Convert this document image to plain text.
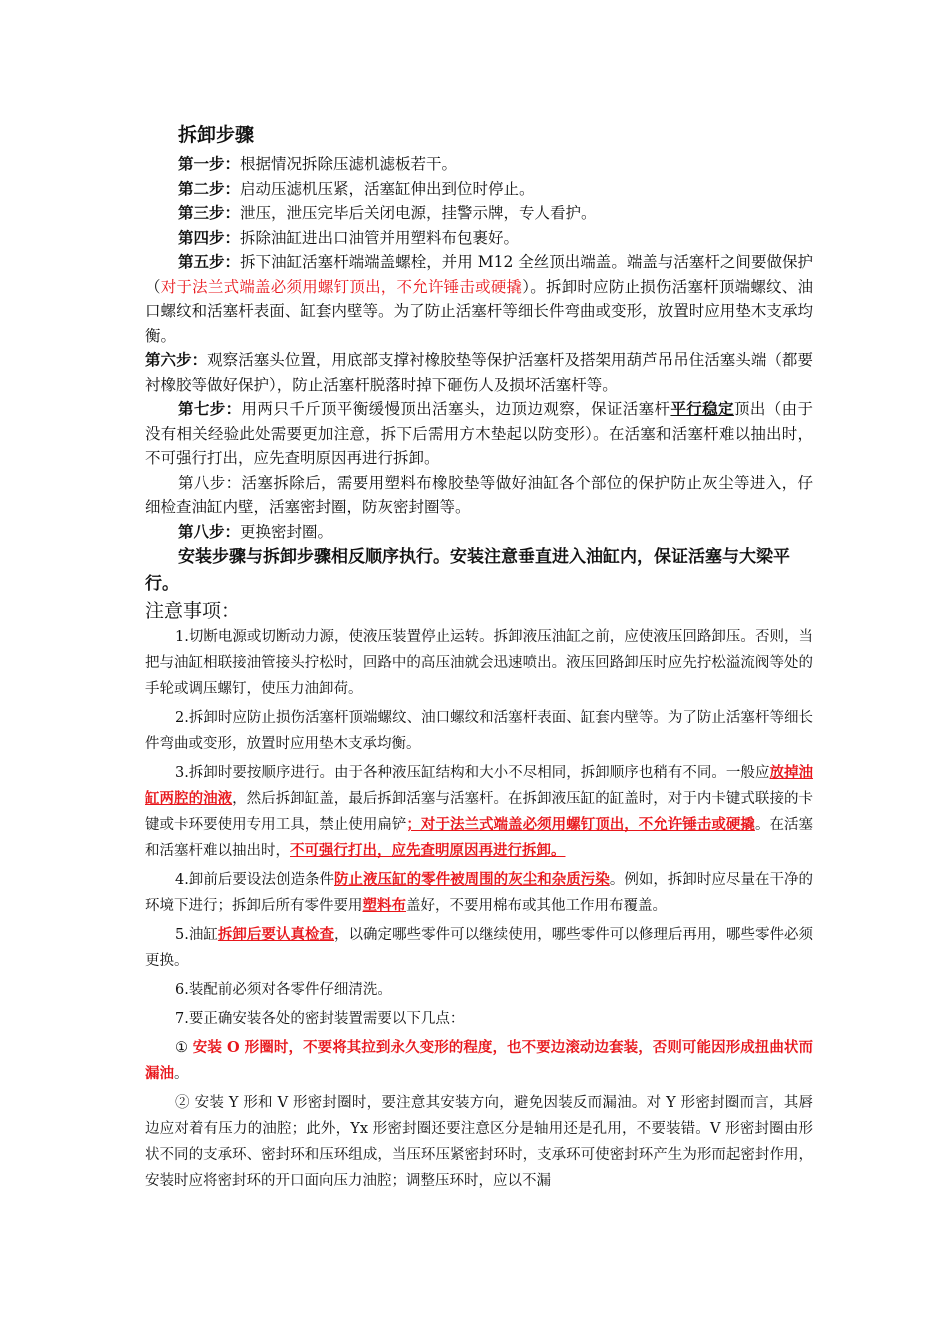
拆卸步骤

第一步：根据情况拆除压滤机滤板若干。

第二步：启动压滤机压紧，活塞缸伸出到位时停止。

第三步：泄压，泄压完毕后关闭电源，挂警示牌，专人看护。

第四步：拆除油缸进出口油管并用塑料布包裹好。

第五步：拆下油缸活塞杆端端盖螺栓，并用 M12 全丝顶出端盖。端盖与活塞杆之间要做保护（对于法兰式端盖必须用螺钉顶出，不允许锤击或硬撬）。拆卸时应防止损伤活塞杆顶端螺纹、油口螺纹和活塞杆表面、缸套内壁等。为了防止活塞杆等细长件弯曲或变形，放置时应用垫木支承均衡。

第六步：观察活塞头位置，用底部支撑衬橡胶垫等保护活塞杆及搭架用葫芦吊吊住活塞头端（都要衬橡胶等做好保护），防止活塞杆脱落时掉下砸伤人及损坏活塞杆等。

第七步：用两只千斤顶平衡缓慢顶出活塞头，边顶边观察，保证活塞杆平行稳定顶出（由于没有相关经验此处需要更加注意，拆下后需用方木垫起以防变形）。在活塞和活塞杆难以抽出时，不可强行打出，应先查明原因再进行拆卸。

第八步：活塞拆除后，需要用塑料布橡胶垫等做好油缸各个部位的保护防止灰尘等进入，仔细检查油缸内壁，活塞密封圈，防灰密封圈等。

第八步：更换密封圈。

安装步骤与拆卸步骤相反顺序执行。安装注意垂直进入油缸内，保证活塞与大梁平行。

注意事项：

1.切断电源或切断动力源，使液压装置停止运转。拆卸液压油缸之前，应使液压回路卸压。否则，当把与油缸相联接油管接头拧松时，回路中的高压油就会迅速喷出。液压回路卸压时应先拧松溢流阀等处的手轮或调压螺钉，使压力油卸荷。

2.拆卸时应防止损伤活塞杆顶端螺纹、油口螺纹和活塞杆表面、缸套内壁等。为了防止活塞杆等细长件弯曲或变形，放置时应用垫木支承均衡。

3.拆卸时要按顺序进行。由于各种液压缸结构和大小不尽相同，拆卸顺序也稍有不同。一般应放掉油缸两腔的油液，然后拆卸缸盖，最后拆卸活塞与活塞杆。在拆卸液压缸的缸盖时，对于内卡键式联接的卡键或卡环要使用专用工具，禁止使用扁铲；对于法兰式端盖必须用螺钉顶出，不允许锤击或硬撬。在活塞和活塞杆难以抽出时，不可强行打出，应先查明原因再进行拆卸。

4.卸前后要设法创造条件防止液压缸的零件被周围的灰尘和杂质污染。例如，拆卸时应尽量在干净的环境下进行；拆卸后所有零件要用塑料布盖好，不要用棉布或其他工作用布覆盖。

5.油缸拆卸后要认真检查，以确定哪些零件可以继续使用，哪些零件可以修理后再用，哪些零件必须更换。

6.装配前必须对各零件仔细清洗。

7.要正确安装各处的密封装置需要以下几点：

① 安装 O 形圈时，不要将其拉到永久变形的程度，也不要边滚动边套装，否则可能因形成扭曲状而漏油。

② 安装 Y 形和 V 形密封圈时，要注意其安装方向，避免因装反而漏油。对 Y 形密封圈而言，其唇边应对着有压力的油腔；此外，Yx 形密封圈还要注意区分是轴用还是孔用，不要装错。V 形密封圈由形状不同的支承环、密封环和压环组成，当压环压紧密封环时，支承环可使密封环产生为形而起密封作用，安装时应将密封环的开口面向压力油腔；调整压环时，应以不漏
